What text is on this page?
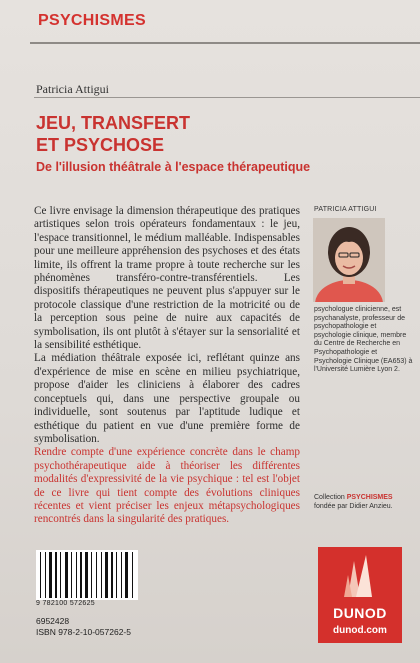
PSYCHISMES
Patricia Attigui
JEU, TRANSFERT
ET PSYCHOSE
De l'illusion théâtrale à l'espace thérapeutique

Ce livre envisage la dimension thérapeutique des pratiques artistiques selon trois opérateurs fondamentaux : le jeu, l'espace transitionnel, le médium malléable. Indispensables pour une meilleure appréhension des psychoses et des états limite, ils offrent la trame propre à toute recherche sur les phénomènes transféro-contre-transférentiels. Les dispositifs thérapeutiques ne peuvent plus s'appuyer sur le protocole classique d'une restriction de la motricité ou de la perception sous peine de nuire aux capacités de symbolisation, ils ont plutôt à s'étayer sur la sensorialité et la sensibilité esthétique.

La médiation théâtrale exposée ici, reflétant quinze ans d'expérience de mise en scène en milieu psychiatrique, propose d'aider les cliniciens à élaborer des cadres conceptuels qui, dans une perspective groupale ou individuelle, sont soutenus par l'aptitude ludique et esthétique du patient en vue d'une première forme de symbolisation.

Rendre compte d'une expérience concrète dans le champ psychothérapeutique aide à théoriser les différentes modalités d'expressivité de la vie psychique : tel est l'objet de ce livre qui tient compte des évolutions cliniques récentes et vient préciser les enjeux métapsychologiques rencontrés dans la singularité des pratiques.

PATRICIA ATTIGUI
psychologue clinicienne, est psychanalyste, professeur de psychopathologie et psychologie clinique, membre du Centre de Recherche en Psychopathologie et Psychologie Clinique (EA653) à l'Université Lumière Lyon 2.
Collection PSYCHISMES
fondée par Didier Anzieu.
9 782100 572625
6952428
ISBN 978-2-10-057262-5
DUNOD
dunod.com
